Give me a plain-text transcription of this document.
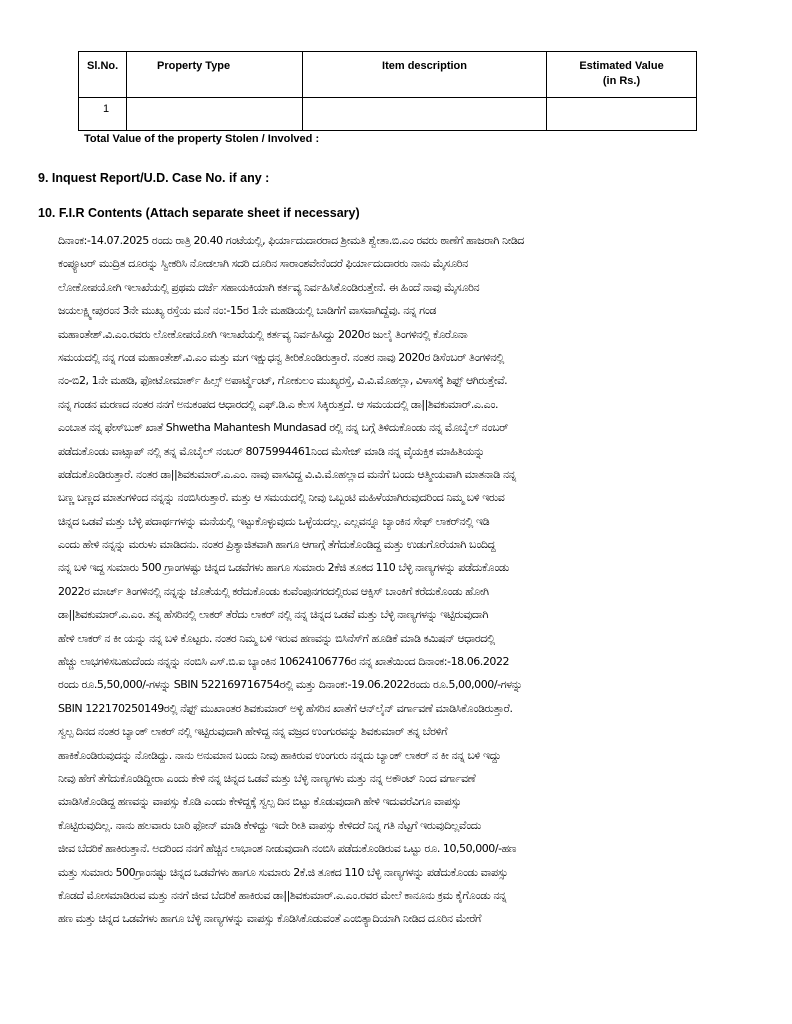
Sl.No.	Property Type	Item description	Estimated Value
(in Rs.)

1			
Total Value of the property Stolen / Involved :
9. Inquest Report/U.D. Case No. if any :
10. F.I.R Contents (Attach separate sheet if necessary)
ದಿನಾಂಕ:-14.07.2025 ರಂದು ರಾತ್ರಿ 20.40 ಗಂಟೆಯಲ್ಲಿ, ಫಿರ್ಯಾದುದಾರರಾದ ಶ್ರೀಮತಿ ಶ್ವೇತಾ.ಬಿ.ಎಂ ರವರು ಠಾಣೆಗೆ ಹಾಜರಾಗಿ ನೀಡಿದ
ಕಂಪ್ಯೂಟರ್ ಮುದ್ರಿತ ದೂರನ್ನು ಸ್ವೀಕರಿಸಿ ನೋಡಲಾಗಿ ಸದರಿ ದೂರಿನ ಸಾರಾಂಶವೇನೆಂದರೆ ಫಿರ್ಯಾದುದಾರರು ನಾನು ಮೈಸೂರಿನ
ಲೋಕೋಪಯೋಗಿ ಇಲಾಖೆಯಲ್ಲಿ ಪ್ರಥಮ ದರ್ಜೆ ಸಹಾಯಕಿಯಾಗಿ ಕರ್ತವ್ಯ ನಿರ್ವಹಿಸಿಕೊಂಡಿರುತ್ತೇನೆ. ಈ ಹಿಂದೆ ನಾವು ಮೈಸೂರಿನ
ಜಯಲಕ್ಷ್ಮೀಪುರಂನ 3ನೇ ಮುಖ್ಯ ರಸ್ತೆಯ ಮನೆ ನಂ:-15ರ 1ನೇ ಮಹಡಿಯಲ್ಲಿ ಬಾಡಿಗೆಗೆ ವಾಸವಾಗಿದ್ದೆವು. ನನ್ನ ಗಂಡ
ಮಹಾಂತೇಶ್.ವಿ.ಎಂ.ರವರು ಲೋಕೋಪಯೋಗಿ ಇಲಾಖೆಯಲ್ಲಿ ಕರ್ತವ್ಯ ನಿರ್ವಹಿಸಿದ್ದು 2020ರ ಜುಲೈ ತಿಂಗಳಿನಲ್ಲಿ ಕೊರೊನಾ
ಸಮಯದಲ್ಲಿ ನನ್ನ ಗಂಡ ಮಹಾಂತೇಶ್.ವಿ.ಎಂ ಮತ್ತು ಮಗ ಇಕ್ಷುಧನ್ವ ತೀರಿಕೊಂಡಿರುತ್ತಾರೆ. ನಂತರ ನಾವು 2020ರ ಡಿಸೆಂಬರ್ ತಿಂಗಳಿನಲ್ಲಿ
ನಂ-ಬಿ2, 1ನೇ ಮಹಡಿ, ಫೋಟೋಮಾರ್ಕ್ ಹಿಲ್ಸ್ ಅಪಾರ್ಟ್ಮೆಂಟ್, ಗೋಕುಲಂ ಮುಖ್ಯರಸ್ತೆ, ವಿ.ವಿ.ಮೊಹಲ್ಲಾ, ವಿಳಾಸಕ್ಕೆ ಶಿಫ್ಟ್ ಆಗಿರುತ್ತೇವೆ.
ನನ್ನ ಗಂಡನ ಮರಣದ ನಂತರ ನನಗೆ ಅನುಕಂಪದ ಆಧಾರದಲ್ಲಿ ಎಫ್.ಡಿ.ಎ ಕೆಲಸ ಸಿಕ್ಕಿರುತ್ತದೆ. ಆ ಸಮಯದಲ್ಲಿ ಡಾ||ಶಿವಕುಮಾರ್.ಎ.ಎಂ.
ಎಂಬಾತ ನನ್ನ ಫೇಸ್‌ಬುಕ್ ಖಾತೆ Shwetha Mahantesh Mundasad ರಲ್ಲಿ ನನ್ನ ಬಗ್ಗೆ ತಿಳಿದುಕೊಂಡು ನನ್ನ ಮೊಬೈಲ್ ನಂಬರ್
ಪಡೆದುಕೊಂಡು ವಾಟ್ಸಾಪ್ ನಲ್ಲಿ ತನ್ನ ಮೊಬೈಲ್ ನಂಬರ್ 8075994461ನಿಂದ ಮೆಸೇಜ್ ಮಾಡಿ ನನ್ನ ವೈಯಕ್ತಿಕ ಮಾಹಿತಿಯನ್ನು
ಪಡೆದುಕೊಂಡಿರುತ್ತಾರೆ. ನಂತರ ಡಾ||ಶಿವಕುಮಾರ್.ಎ.ಎಂ. ನಾವು ವಾಸವಿದ್ದ ವಿ.ವಿ.ಮೊಹಲ್ಲಾದ ಮನೆಗೆ ಬಂದು ಆತ್ಮೀಯವಾಗಿ ಮಾತನಾಡಿ ನನ್ನ
ಬಣ್ಣ ಬಣ್ಣದ ಮಾತುಗಳಿಂದ ನನ್ನನ್ನು ನಂಬಿಸಿರುತ್ತಾರೆ. ಮತ್ತು ಆ ಸಮಯದಲ್ಲಿ ನೀವು ಒಬ್ಬಂಟಿ ಮಹಿಳೆಯಾಗಿರುವುದರಿಂದ ನಿಮ್ಮ ಬಳಿ ಇರುವ
ಚಿನ್ನದ ಒಡವೆ ಮತ್ತು ಬೆಳ್ಳಿ ಪದಾರ್ಥಗಳನ್ನು ಮನೆಯಲ್ಲಿ ಇಟ್ಟುಕೊಳ್ಳುವುದು ಒಳ್ಳೆಯದಲ್ಲ. ಎಲ್ಲವನ್ನೂ ಬ್ಯಾಂಕಿನ ಸೇಫ್ ಲಾಕರ್‌ನಲ್ಲಿ ಇಡಿ
ಎಂದು ಹೇಳಿ ನನ್ನನ್ನು ಮರುಳು ಮಾಡಿದನು. ನಂತರ ಪ್ರಿತ್ಯಾಜಿತವಾಗಿ ಹಾಗೂ ಆಗಾಗ್ಗೆ ತೆಗೆದುಕೊಂಡಿದ್ದ ಮತ್ತು ಉಡುಗೊರೆಯಾಗಿ ಬಂದಿದ್ದ
ನನ್ನ ಬಳಿ ಇದ್ದ ಸುಮಾರು 500 ಗ್ರಾಂಗಳಷ್ಟು ಚಿನ್ನದ ಒಡವೆಗಳು ಹಾಗೂ ಸುಮಾರು 2ಕೆಜಿ ತೂಕದ 110 ಬೆಳ್ಳಿ ನಾಣ್ಯಗಳನ್ನು ಪಡೆದುಕೊಂಡು
2022ರ ಮಾರ್ಚ್ ತಿಂಗಳಿನಲ್ಲಿ ನನ್ನನ್ನು ಜೊತೆಯಲ್ಲಿ ಕರೆದುಕೊಂಡು ಕುವೆಂಪುನಗರದಲ್ಲಿರುವ ಆಕ್ಸಿಸ್ ಬಾಂಕಿಗೆ ಕರೆದುಕೊಂಡು ಹೋಗಿ
ಡಾ||ಶಿವಕುಮಾರ್.ಎ.ಎಂ. ತನ್ನ ಹೆಸರಿನಲ್ಲಿ ಲಾಕರ್ ತೆರೆದು ಲಾಕರ್ ನಲ್ಲಿ ನನ್ನ ಚಿನ್ನದ ಒಡವೆ ಮತ್ತು ಬೆಳ್ಳಿ ನಾಣ್ಯಗಳನ್ನು ಇಟ್ಟಿರುವುದಾಗಿ
ಹೇಳಿ ಲಾಕರ್ ನ ಕೀ ಯನ್ನು ನನ್ನ ಬಳಿ ಕೊಟ್ಟರು. ನಂತರ ನಿಮ್ಮ ಬಳಿ ಇರುವ ಹಣವನ್ನು ಬಿಸಿನೆಸ್‌ಗೆ ಹೂಡಿಕೆ ಮಾಡಿ ಕಮಿಷನ್ ಆಧಾರದಲ್ಲಿ
ಹೆಚ್ಚು ಲಾಭಗಳಿಸಬಹುದೆಂದು ನನ್ನನ್ನು ನಂಬಿಸಿ ಎಸ್.ಬಿ.ಐ ಬ್ಯಾಂಕಿನ 10624106776ರ ನನ್ನ ಖಾತೆಯಿಂದ ದಿನಾಂಕ:-18.06.2022
ರಂದು ರೂ.5,50,000/-ಗಳನ್ನು SBIN 522169716754ರಲ್ಲಿ ಮತ್ತು ದಿನಾಂಕ:-19.06.2022ರಂದು ರೂ.5,00,000/-ಗಳನ್ನು
SBIN 122170250149ರಲ್ಲಿ ನೆಫ್ಟ್ ಮುಖಾಂತರ ಶಿವಕುಮಾರ್ ಅಳ್ಳಿ ಹೆಸರಿನ ಖಾತೆಗೆ ಆನ್‌ಲೈನ್ ವರ್ಗಾವಣೆ ಮಾಡಿಸಿಕೊಂಡಿರುತ್ತಾರೆ.
ಸ್ವಲ್ಪ ದಿನದ ನಂತರ ಬ್ಯಾಂಕ್ ಲಾಕರ್ ನಲ್ಲಿ ಇಟ್ಟಿರುವುದಾಗಿ ಹೇಳಿದ್ದ ನನ್ನ ವಜ್ರದ ಉಂಗುರವನ್ನು ಶಿವಕುಮಾರ್ ತನ್ನ ಬೆರಳಿಗೆ
ಹಾಕಿಕೊಂಡಿರುವುದನ್ನು ನೋಡಿದ್ದು. ನಾನು ಅನುಮಾನ ಬಂದು ನೀವು ಹಾಕಿರುವ ಉಂಗುರು ನನ್ನದು ಬ್ಯಾಂಕ್ ಲಾಕರ್ ನ ಕೀ ನನ್ನ ಬಳಿ ಇದ್ದು
ನೀವು ಹೇಗೆ ತೆಗೆದುಕೊಂಡಿದ್ದೀರಾ ಎಂದು ಕೇಳಿ ನನ್ನ ಚಿನ್ನದ ಒಡವೆ ಮತ್ತು ಬೆಳ್ಳಿ ನಾಣ್ಯಗಳು ಮತ್ತು ನನ್ನ ಅಕೌಂಟ್ ನಿಂದ ವರ್ಗಾವಣೆ
ಮಾಡಿಸಿಕೊಂಡಿದ್ದ ಹಣವನ್ನು ವಾಪಸ್ಸು ಕೊಡಿ ಎಂದು ಕೇಳಿದ್ದಕ್ಕೆ ಸ್ವಲ್ಪ ದಿನ ಬಿಟ್ಟು ಕೊಡುವುದಾಗಿ ಹೇಳಿ ಇದುವರೆವಿಗೂ ವಾಪಸ್ಸು
ಕೊಟ್ಟಿರುವುದಿಲ್ಲ. ನಾನು ಹಲವಾರು ಬಾರಿ ಫೋನ್ ಮಾಡಿ ಕೇಳಿದ್ದು ಇದೇ ರೀತಿ ವಾಪಸ್ಸು ಕೇಳಿದರೆ ನಿನ್ನ ಗತಿ ನೆಟ್ಟಗೆ ಇರುವುದಿಲ್ಲವೆಂದು
ಜೀವ ಬೆದರಿಕೆ ಹಾಕಿರುತ್ತಾನೆ. ಅದರಿಂದ ನನಗೆ ಹೆಚ್ಚಿನ ಲಾಭಾಂಶ ನೀಡುವುದಾಗಿ ನಂಬಿಸಿ ಪಡೆದುಕೊಂಡಿರುವ ಒಟ್ಟು ರೂ. 10,50,000/-ಹಣ
ಮತ್ತು ಸುಮಾರು 500ಗ್ರಾಂನಷ್ಟು ಚಿನ್ನದ ಒಡವೆಗಳು ಹಾಗೂ ಸುಮಾರು 2ಕೆ.ಜಿ ತೂಕದ 110 ಬೆಳ್ಳಿ ನಾಣ್ಯಗಳನ್ನು ಪಡೆದುಕೊಂಡು ವಾಪಸ್ಸು
ಕೊಡದೆ ಮೋಸಮಾಡಿರುವ ಮತ್ತು ನನಗೆ ಜೀವ ಬೆದರಿಕೆ ಹಾಕಿರುವ ಡಾ||ಶಿವಕುಮಾರ್.ಎ.ಎಂ.ರವರ ಮೇಲೆ ಕಾನೂನು ಕ್ರಮ ಕೈಗೊಂಡು ನನ್ನ
ಹಣ ಮತ್ತು ಚಿನ್ನದ ಒಡವೆಗಳು ಹಾಗೂ ಬೆಳ್ಳಿ ನಾಣ್ಯಗಳನ್ನು ವಾಪಸ್ಸು ಕೊಡಿಸಿಕೊಡುವಂತೆ ಎಂಬಿತ್ಯಾದಿಯಾಗಿ ನೀಡಿದ ದೂರಿನ ಮೇರೆಗೆ
